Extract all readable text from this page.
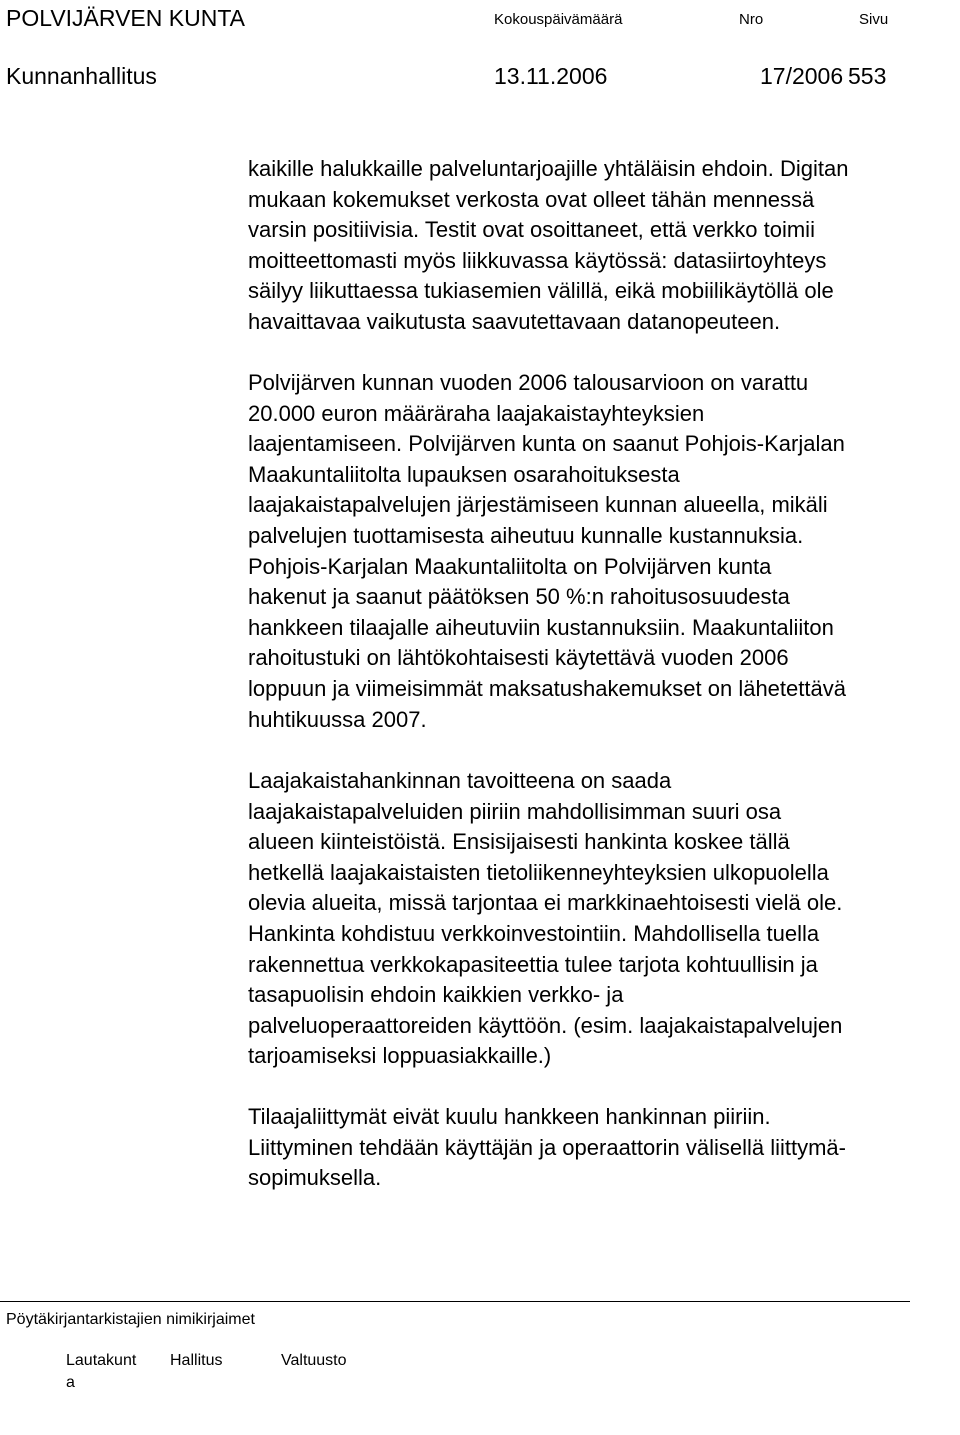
POLVIJÄRVEN KUNTA	Kokouspäivämäärä	Nro	Sivu
Kunnanhallitus	13.11.2006	17/2006 553
kaikille halukkaille palveluntarjoajille yhtäläisin ehdoin. Digitan
mukaan kokemukset verkosta ovat olleet tähän mennessä
varsin positiivisia. Testit ovat osoittaneet, että verkko toimii
moitteettomasti myös liikkuvassa käytössä: datasiirtoyhteys
säilyy liikuttaessa tukiasemien välillä, eikä mobiilikäytöllä ole
havaittavaa vaikutusta saavutettavaan datanopeuteen.
Polvijärven kunnan vuoden 2006 talousarvioon on varattu
20.000 euron määräraha laajakaistayhteyksien
laajentamiseen. Polvijärven kunta on saanut Pohjois-Karjalan
Maakuntaliitolta lupauksen osarahoituksesta
laajakaistapalvelujen järjestämiseen kunnan alueella, mikäli
palvelujen tuottamisesta aiheutuu kunnalle kustannuksia.
Pohjois-Karjalan Maakuntaliitolta on Polvijärven kunta
hakenut ja saanut päätöksen 50 %:n rahoitusosuudesta
hankkeen tilaajalle aiheutuviin kustannuksiin. Maakuntaliiton
rahoitustuki on lähtökohtaisesti käytettävä vuoden 2006
loppuun ja viimeisimmät maksatushakemukset on lähetettävä
huhtikuussa 2007.
Laajakaistahankinnan tavoitteena on saada
laajakaistapalveluiden piiriin mahdollisimman suuri osa
alueen kiinteistöistä. Ensisijaisesti hankinta koskee tällä
hetkellä laajakaistaisten tietoliikenneyhteyksien ulkopuolella
olevia alueita, missä tarjontaa ei markkinaehtoisesti vielä ole.
Hankinta kohdistuu verkkoinvestointiin. Mahdollisella tuella
rakennettua verkkokapasiteettia tulee tarjota kohtuullisin ja
tasapuolisin ehdoin kaikkien verkko- ja
palveluoperaattoreiden käyttöön. (esim. laajakaistapalvelujen
tarjoamiseksi loppuasiakkaille.)
Tilaajaliittymät eivät kuulu hankkeen hankinnan piiriin.
Liittyminen tehdään käyttäjän ja operaattorin välisellä liittymä-
sopimuksella.
Pöytäkirjantarkistajien nimikirjaimet
Lautakunt
a
Hallitus	Valtuusto
